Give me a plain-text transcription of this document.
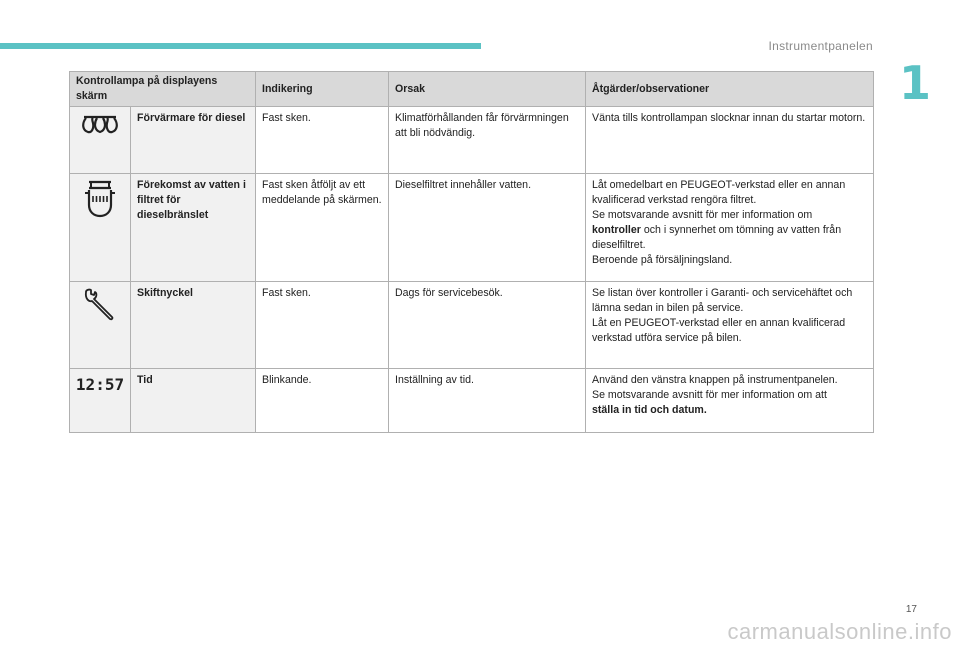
Instrumentpanelen
1
Kontrollampa på displayens skärm		Indikering	Orsak	Åtgärder/observationer

	Förvärmare för diesel	Fast sken.	Klimatförhållanden får förvärmningen att bli nödvändig.	Vänta tills kontrollampan slocknar innan du startar motorn.

	Förekomst av vatten i filtret för dieselbränslet	Fast sken åtföljt av ett meddelande på skärmen.	Dieselfiltret innehåller vatten.	Låt omedelbart en PEUGEOT-verkstad eller en annan kvalificerad verkstad rengöra filtret.
Se motsvarande avsnitt för mer information om
kontroller och i synnerhet om tömning av vatten från dieselfiltret.
Beroende på försäljningsland.

	Skiftnyckel	Fast sken.	Dags för servicebesök.	Se listan över kontroller i Garanti- och servicehäftet och lämna sedan in bilen på service.
Låt en PEUGEOT-verkstad eller en annan kvalificerad verkstad utföra service på bilen.

12:57	Tid	Blinkande.	Inställning av tid.	Använd den vänstra knappen på instrumentpanelen.
Se motsvarande avsnitt för mer information om att
ställa in tid och datum.
17
carmanualsonline.info
